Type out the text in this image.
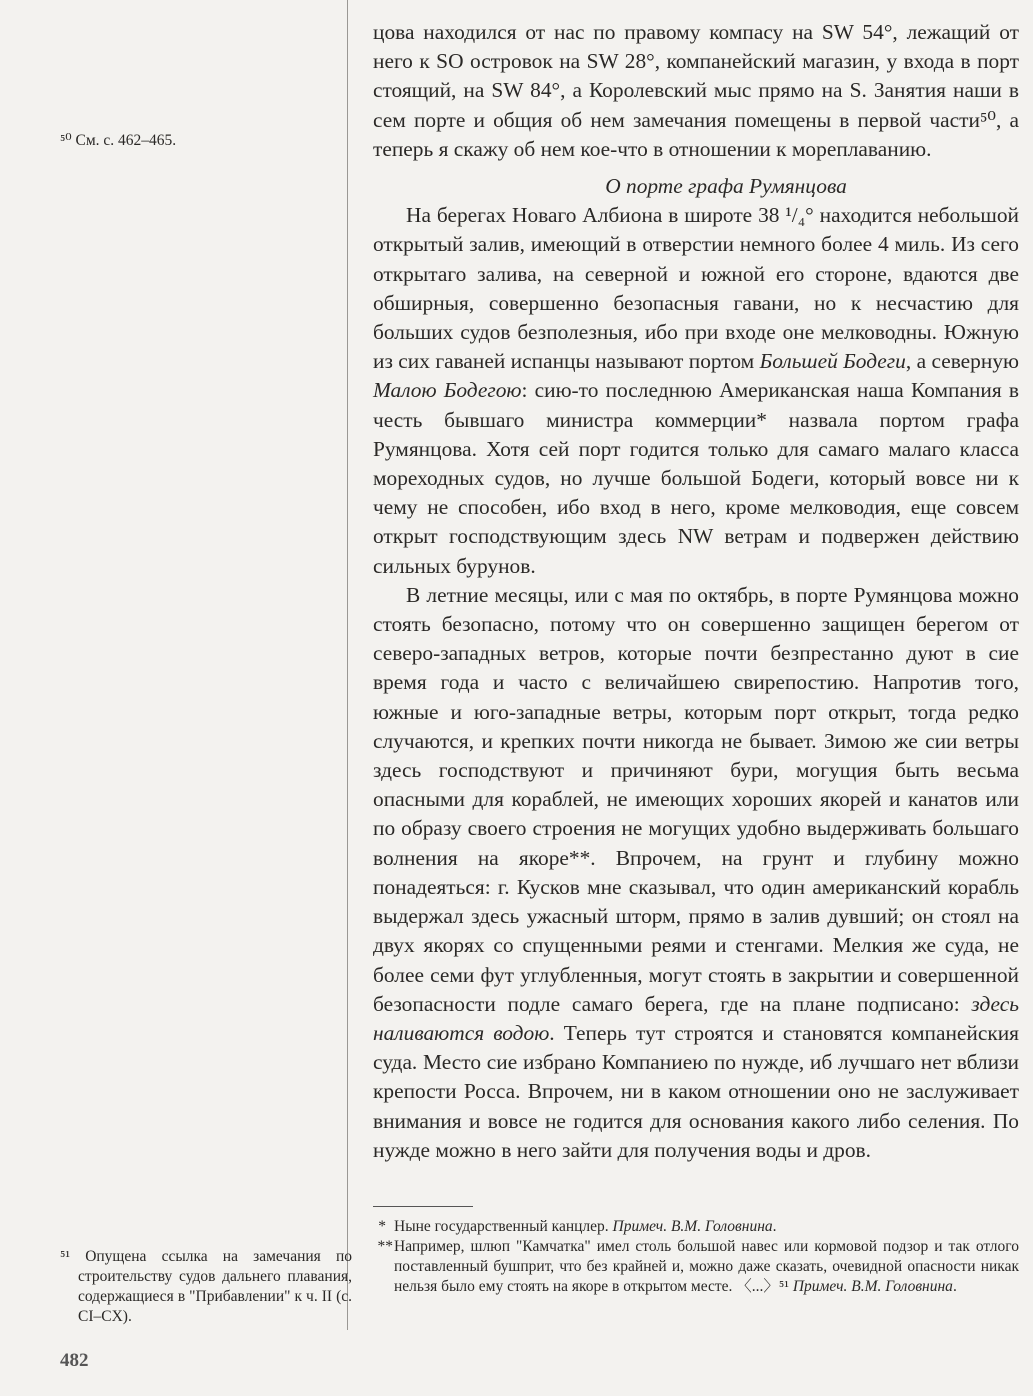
⁵⁰ См. с. 462–465.

цова находился от нас по правому компасу на SW 54°, лежащий от него к SO островок на SW 28°, компанейский магазин, у входа в порт стоящий, на SW 84°, а Королевский мыс прямо на S. Занятия наши в сем порте и общия об нем замечания помещены в первой части⁵⁰, а теперь я скажу об нем кое-что в отношении к мореплаванию.

О порте графа Румянцова

На берегах Новаго Албиона в широте 38 ¹/₄° находится небольшой открытый залив, имеющий в отверстии немного более 4 миль. Из сего открытаго залива, на северной и южной его стороне, вдаются две обширныя, совершенно безопасныя гавани, но к несчастию для больших судов безполезныя, ибо при входе оне мелководны. Южную из сих гаваней испанцы называют портом Большей Бодеги, а северную Малою Бодегою: сию-то последнюю Американская наша Компания в честь бывшаго министра коммерции* назвала портом графа Румянцова. Хотя сей порт годится только для самаго малаго класса мореходных судов, но лучше большой Бодеги, который вовсе ни к чему не способен, ибо вход в него, кроме мелководия, еще совсем открыт господствующим здесь NW ветрам и подвержен действию сильных бурунов.

В летние месяцы, или с мая по октябрь, в порте Румянцова можно стоять безопасно, потому что он совершенно защищен берегом от северо-западных ветров, которые почти безпрестанно дуют в сие время года и часто с величайшею свирепостию. Напротив того, южные и юго-западные ветры, которым порт открыт, тогда редко случаются, и крепких почти никогда не бывает. Зимою же сии ветры здесь господствуют и причиняют бури, могущия быть весьма опасными для кораблей, не имеющих хороших якорей и канатов или по образу своего строения не могущих удобно выдерживать большаго волнения на якоре**. Впрочем, на грунт и глубину можно понадеяться: г. Кусков мне сказывал, что один американский корабль выдержал здесь ужасный шторм, прямо в залив дувший; он стоял на двух якорях со спущенными реями и стенгами. Мелкия же суда, не более семи фут углубленныя, могут стоять в закрытии и совершенной безопасности подле самаго берега, где на плане подписано: здесь наливаются водою. Теперь тут строятся и становятся компанейския суда. Место сие избрано Компаниею по нужде, иб лучшаго нет вблизи крепости Росса. Впрочем, ни в каком отношении оно не заслуживает внимания и вовсе не годится для основания какого либо селения. По нужде можно в него зайти для получения воды и дров.

* Ныне государственный канцлер. Примеч. В.М. Головнина.

** Например, шлюп "Камчатка" имел столь большой навес или кормовой подзор и так отлого поставленный бушприт, что без крайней и, можно даже сказать, очевидной опасности никак нельзя было ему стоять на якоре в открытом месте. 〈...〉⁵¹ Примеч. В.М. Головнина.

⁵¹ Опущена ссылка на замечания по строительству судов дальнего плавания, содержащиеся в "Прибавлении" к ч. II (с. CI–CX).
482
